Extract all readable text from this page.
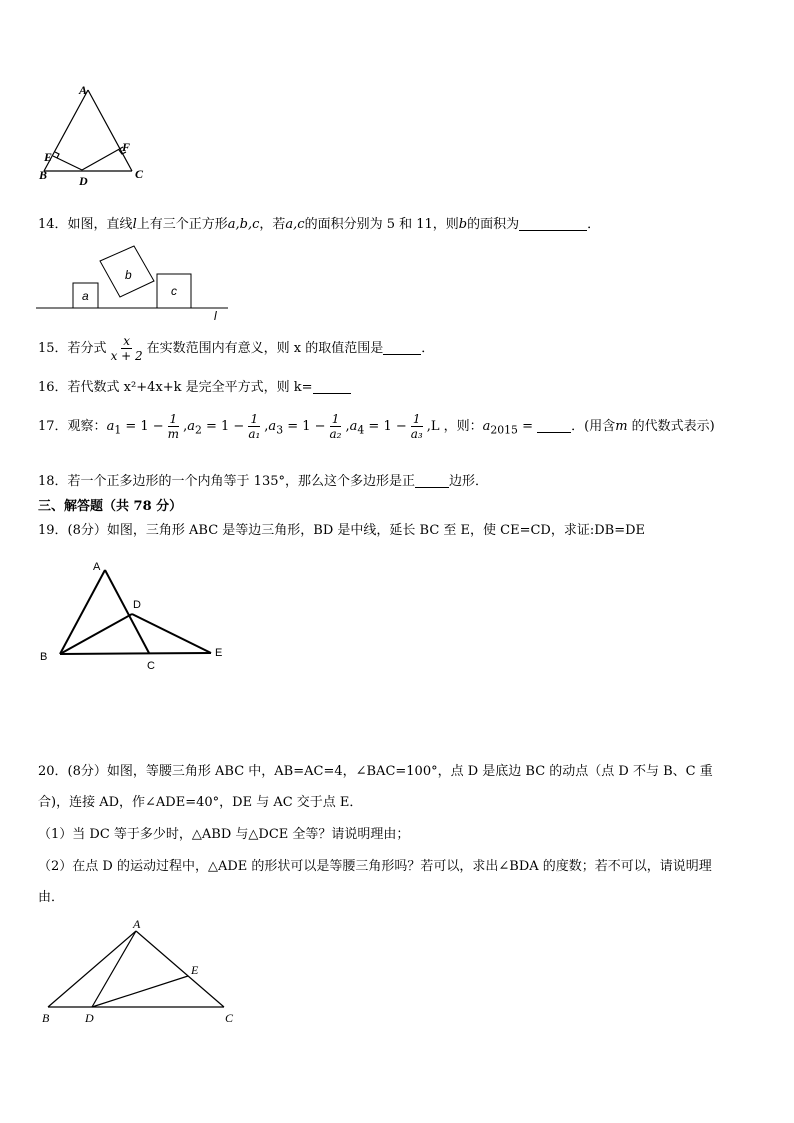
A
E
F
B	D	C
14．如图，直线l上有三个正方形a,b,c，若a,c的面积分别为 5 和 11，则b的面积为	．
a
b
c
l
15．若分式 $\frac{x}{x + 2}$ 在实数范围内有意义，则 x 的取值范围是	．
16．若代数式 x²+4x+k 是完全平方式，则 k=
17．观察：$a_1 = 1 - \frac{1}{m} ,a_2 = 1 - \frac{1}{\text{a₁}} ,a_3 = 1 - \frac{1}{\text{a₂}} ,a_4 = 1 - \frac{1}{\text{a₃}} ,L$ ，则：$a_{2015}$ =	．(用含m 的代数式表示)
18．若一个正多边形的一个内角等于 135°，那么这个多边形是正	边形．
三、解答题（共 78 分）
19．(8分）如图，三角形 ABC 是等边三角形，BD 是中线，延长 BC 至 E，使 CE=CD，求证:DB=DE
A
D
B
C
E
20．(8分）如图，等腰三角形 ABC 中，AB=AC=4，∠BAC=100°，点 D 是底边 BC 的动点（点 D 不与 B、C 重
合)，连接 AD，作∠ADE=40°，DE 与 AC 交于点 E．
（1）当 DC 等于多少时，△ABD 与△DCE 全等？请说明理由；
（2）在点 D 的运动过程中，△ADE 的形状可以是等腰三角形吗？若可以，求出∠BDA 的度数；若不可以，请说明理
由．
A
E
B	D	C
